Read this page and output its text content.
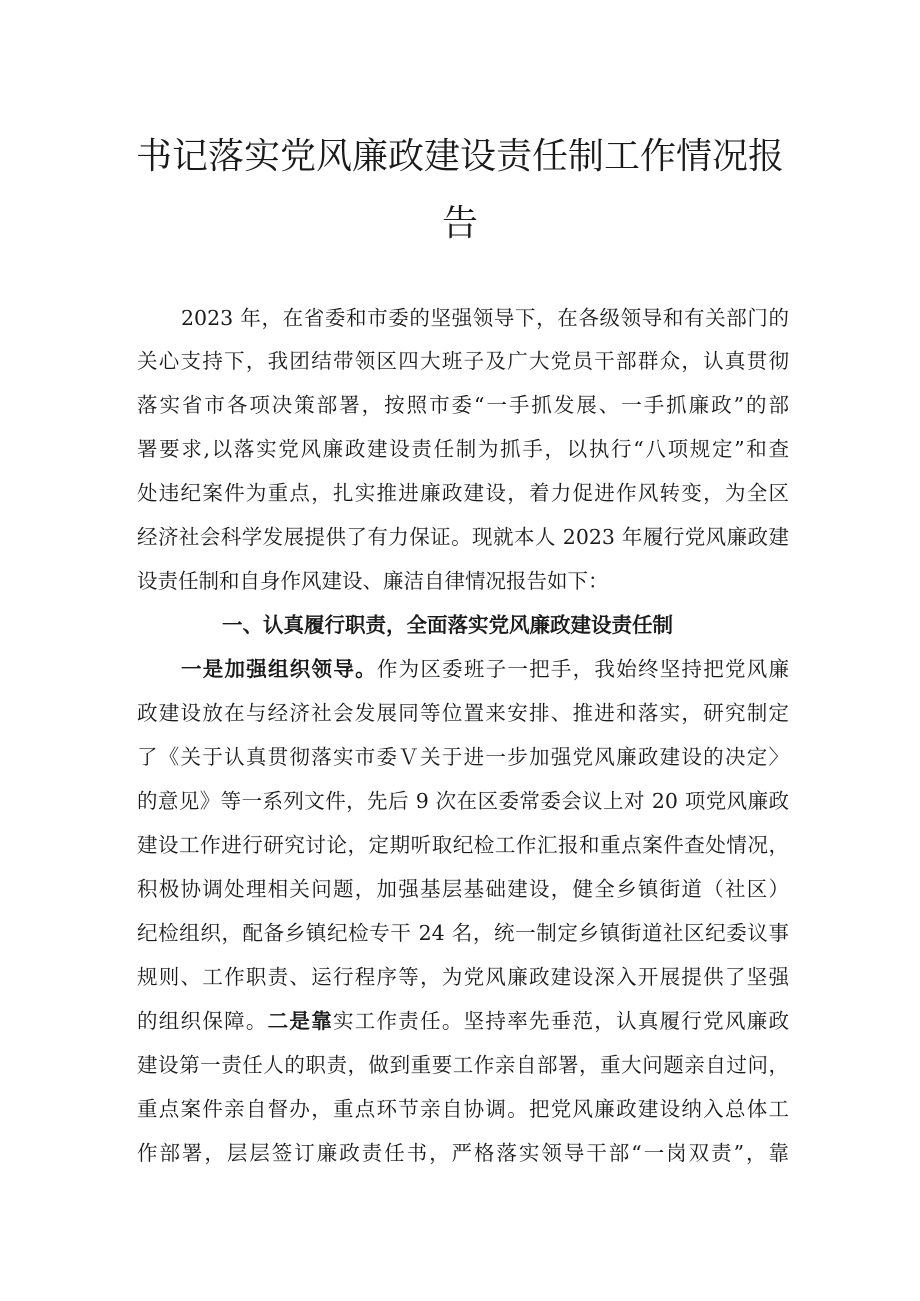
书记落实党风廉政建设责任制工作情况报
告

2023 年，在省委和市委的坚强领导下，在各级领导和有关部门的

关心支持下，我团结带领区四大班子及广大党员干部群众，认真贯彻

落实省市各项决策部署，按照市委“一手抓发展、一手抓廉政”的部

署要求,以落实党风廉政建设责任制为抓手，以执行“八项规定”和查

处违纪案件为重点，扎实推进廉政建设，着力促进作风转变，为全区

经济社会科学发展提供了有力保证。现就本人 2023 年履行党风廉政建

设责任制和自身作风建设、廉洁自律情况报告如下：

一、认真履行职责，全面落实党风廉政建设责任制

一是加强组织领导。作为区委班子一把手，我始终坚持把党风廉

政建设放在与经济社会发展同等位置来安排、推进和落实，研究制定

了《关于认真贯彻落实市委Ｖ关于进一步加强党风廉政建设的决定〉

的意见》等一系列文件，先后 9 次在区委常委会议上对 20 项党风廉政

建设工作进行研究讨论，定期听取纪检工作汇报和重点案件查处情况，

积极协调处理相关问题，加强基层基础建设，健全乡镇街道（社区）

纪检组织，配备乡镇纪检专干 24 名，统一制定乡镇街道社区纪委议事

规则、工作职责、运行程序等，为党风廉政建设深入开展提供了坚强

的组织保障。二是靠实工作责任。坚持率先垂范，认真履行党风廉政

建设第一责任人的职责，做到重要工作亲自部署，重大问题亲自过问，

重点案件亲自督办，重点环节亲自协调。把党风廉政建设纳入总体工

作部署，层层签订廉政责任书，严格落实领导干部“一岗双责”，靠
